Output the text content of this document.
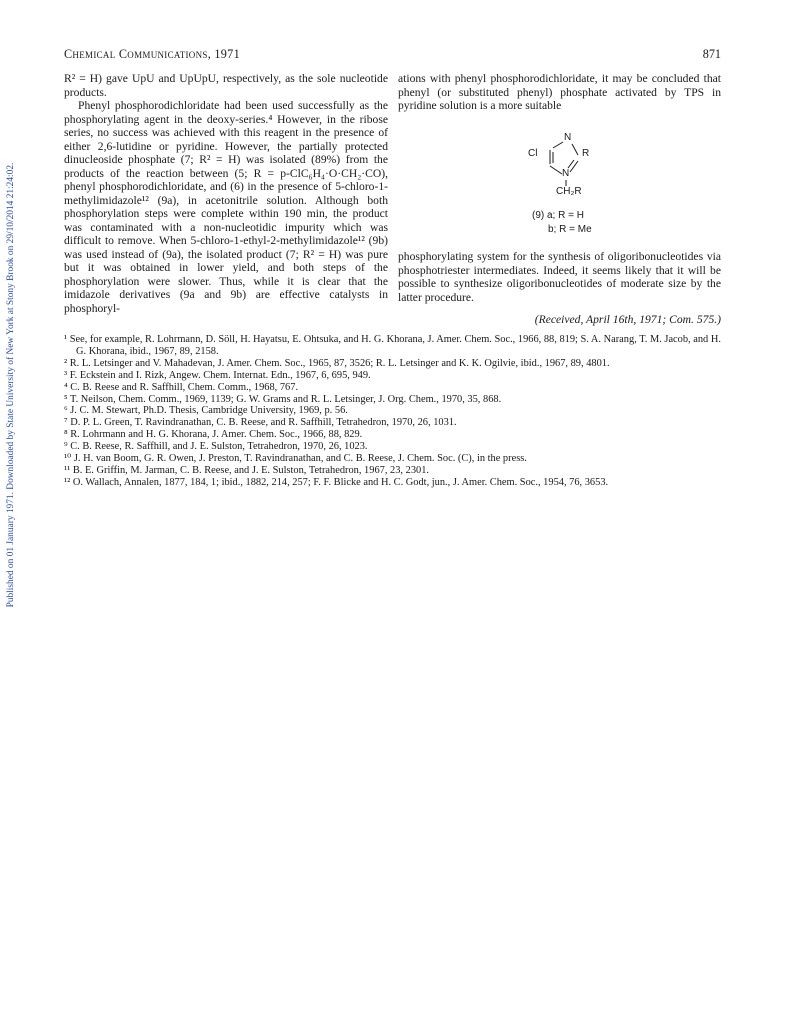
Published on 01 January 1971. Downloaded by State University of New York at Stony Brook on 29/10/2014 21:24:02.
Chemical Communications, 1971	871

R² = H) gave UpU and UpUpU, respectively, as the sole nucleotide products.

Phenyl phosphorodichloridate had been used successfully as the phosphorylating agent in the deoxy-series.⁴ However, in the ribose series, no success was achieved with this reagent in the presence of either 2,6-lutidine or pyridine. However, the partially protected dinucleoside phosphate (7; R² = H) was isolated (89%) from the products of the reaction between (5; R = p-ClC₆H₄·O·CH₂·CO), phenyl phosphorodichloridate, and (6) in the presence of 5-chloro-1-methylimidazole¹² (9a), in acetonitrile solution. Although both phosphorylation steps were complete within 190 min, the product was contaminated with a non-nucleotidic impurity which was difficult to remove. When 5-chloro-1-ethyl-2-methylimidazole¹² (9b) was used instead of (9a), the isolated product (7; R² = H) was pure but it was obtained in lower yield, and both steps of the phosphorylation were slower. Thus, while it is clear that the imidazole derivatives (9a and 9b) are effective catalysts in phosphoryl-

ations with phenyl phosphorodichloridate, it may be concluded that phenyl (or substituted phenyl) phosphate activated by TPS in pyridine solution is a more suitable

N
Cl	R
N
CH₂R
(9) a; R = H
b; R = Me

phosphorylating system for the synthesis of oligoribonucleotides via phosphotriester intermediates. Indeed, it seems likely that it will be possible to synthesize oligoribonucleotides of moderate size by the latter procedure.

(Received, April 16th, 1971; Com. 575.)

¹ See, for example, R. Lohrmann, D. Söll, H. Hayatsu, E. Ohtsuka, and H. G. Khorana, J. Amer. Chem. Soc., 1966, 88, 819; S. A. Narang, T. M. Jacob, and H. G. Khorana, ibid., 1967, 89, 2158.

² R. L. Letsinger and V. Mahadevan, J. Amer. Chem. Soc., 1965, 87, 3526; R. L. Letsinger and K. K. Ogilvie, ibid., 1967, 89, 4801.

³ F. Eckstein and I. Rizk, Angew. Chem. Internat. Edn., 1967, 6, 695, 949.

⁴ C. B. Reese and R. Saffhill, Chem. Comm., 1968, 767.

⁵ T. Neilson, Chem. Comm., 1969, 1139; G. W. Grams and R. L. Letsinger, J. Org. Chem., 1970, 35, 868.

⁶ J. C. M. Stewart, Ph.D. Thesis, Cambridge University, 1969, p. 56.

⁷ D. P. L. Green, T. Ravindranathan, C. B. Reese, and R. Saffhill, Tetrahedron, 1970, 26, 1031.

⁸ R. Lohrmann and H. G. Khorana, J. Amer. Chem. Soc., 1966, 88, 829.

⁹ C. B. Reese, R. Saffhill, and J. E. Sulston, Tetrahedron, 1970, 26, 1023.

¹⁰ J. H. van Boom, G. R. Owen, J. Preston, T. Ravindranathan, and C. B. Reese, J. Chem. Soc. (C), in the press.

¹¹ B. E. Griffin, M. Jarman, C. B. Reese, and J. E. Sulston, Tetrahedron, 1967, 23, 2301.

¹² O. Wallach, Annalen, 1877, 184, 1; ibid., 1882, 214, 257; F. F. Blicke and H. C. Godt, jun., J. Amer. Chem. Soc., 1954, 76, 3653.
